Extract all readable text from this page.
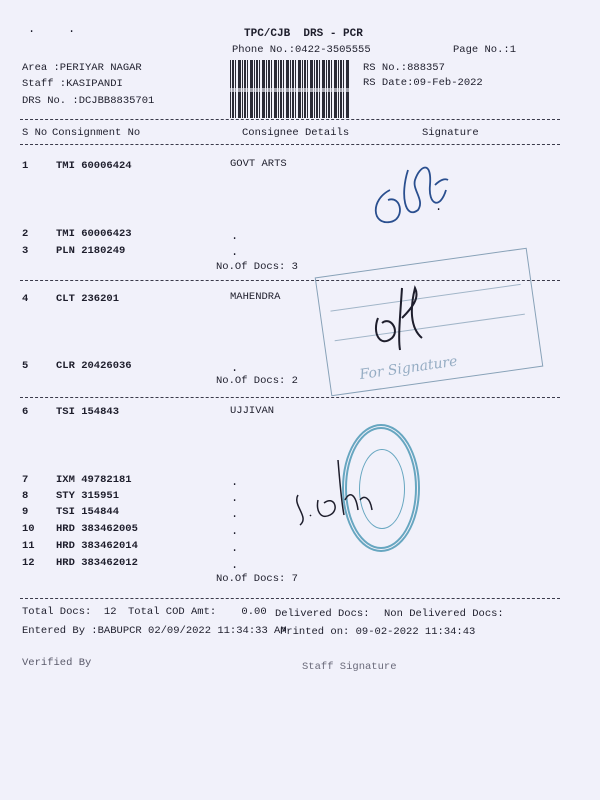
TPC/CJB  DRS - PCR
Phone No.:0422-3505555	Page No.:1
Area :PERIYAR NAGAR
Staff :KASIPANDI
DRS No. :DCJBB8835701
RS No.:888357
RS Date:09-Feb-2022
S No Consignment No	Consignee Details	Signature
1	TMI 60006424	GOVT ARTS
2	TMI 60006423
3	PLN 2180249
.
.
No.Of Docs: 3
4	CLT 236201	MAHENDRA
5	CLR 20426036	.
No.Of Docs: 2
6	TSI 154843	UJJIVAN
7	IXM 49782181
8	STY 315951
9	TSI 154844
10 HRD 383462005
11 HRD 383462014
12 HRD 383462012
.
.
.
.
.
.
No.Of Docs: 7
For Signature
.	.
.
Total Docs:  12 Total COD Amt:    0.00 Delivered Docs: Non Delivered Docs:
Entered By :BABUPCR 02/09/2022 11:34:33 AM
Printed on: 09-02-2022 11:34:43
Verified By	Staff Signature
